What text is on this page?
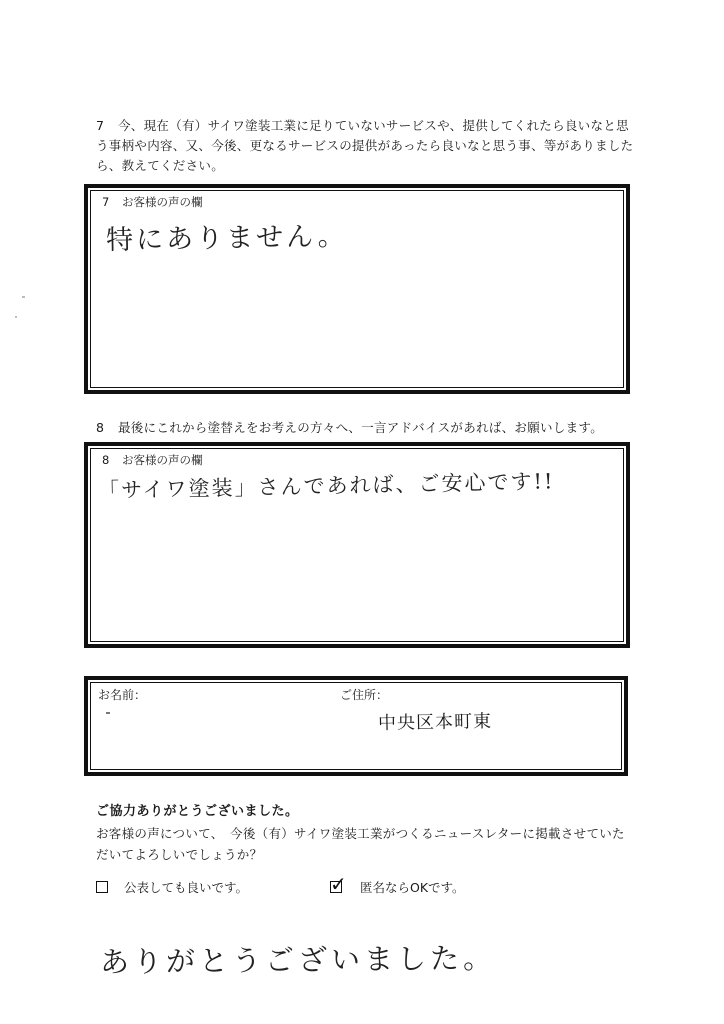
7 今、現在（有）サイワ塗装工業に足りていないサービスや、提供してくれたら良いなと思う事柄や内容、又、今後、更なるサービスの提供があったら良いなと思う事、等がありましたら、教えてください。
7 お客様の声の欄
特にありません。
8 最後にこれから塗替えをお考えの方々へ、一言アドバイスがあれば、お願いします。
8 お客様の声の欄
「サイワ塗装」さんであれば、ご安心です!!
お名前：	ご住所：
中央区本町東
ご協力ありがとうございました。
お客様の声について、　今後（有）サイワ塗装工業がつくるニュースレターに掲載させていただいてよろしいでしょうか？
公表しても良いです。	✓ 匿名ならOKです。
ありがとうございました。
